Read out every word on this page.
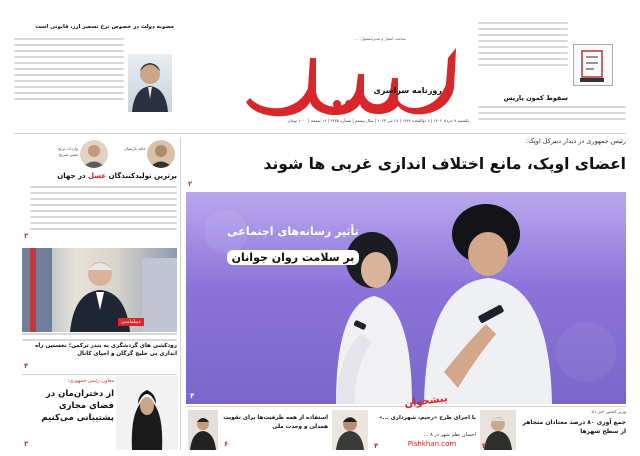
صاحب امتیاز و مدیرمسئول: ...
روزنامه سراسری
یکشنبه ۷ خرداد ۱۴۰۲ | ۶ ذوالقعده ۱۴۴۴ | ۲۸ می ۲۰۲۳ | سال بیستم | شماره ۳۲۷۵ | ۱۶ صفحه | ۱۰۰۰ تومان
سقوط کمون پاریس
مصوبه دولت در خصوص نرخ تسعیر ارز، قانونی است
حامد پارسیان
واردات برنج
تعیین صریح
برترین تولیدکنندگان عسل در جهان
۳
دیپلماسی
رودکشی های گردشگری به بندر ترکمن؛ نخستین راه اندازی یی خلیج گرگان و احیای کانال
۴
معاون رئیس جمهوری:
از دختران‌مان در فضای مجازی پشتیبانی می‌کنیم
۳
رئیس جمهوری در دیدار دبیرکل اوپک:
اعضای اوپک، مانع اختلاف اندازی غربی ها شوند
۲
تأثیر رسانه‌های اجتماعی
بر سلامت روان جوانان
۴
وزیر کشور خبر داد
جمع آوری ۸۰ درصد معتادان متجاهر از سطح شهرها
۳
با اجرای طرح «رحیم، شهرداری ...»
احسان نظم شهر در ۸ ...
۴
استفاده از همه ظرفیت‌ها برای تقویت همدلی و وحدت ملی
۶
پیشخوان
Pishkhan.com
